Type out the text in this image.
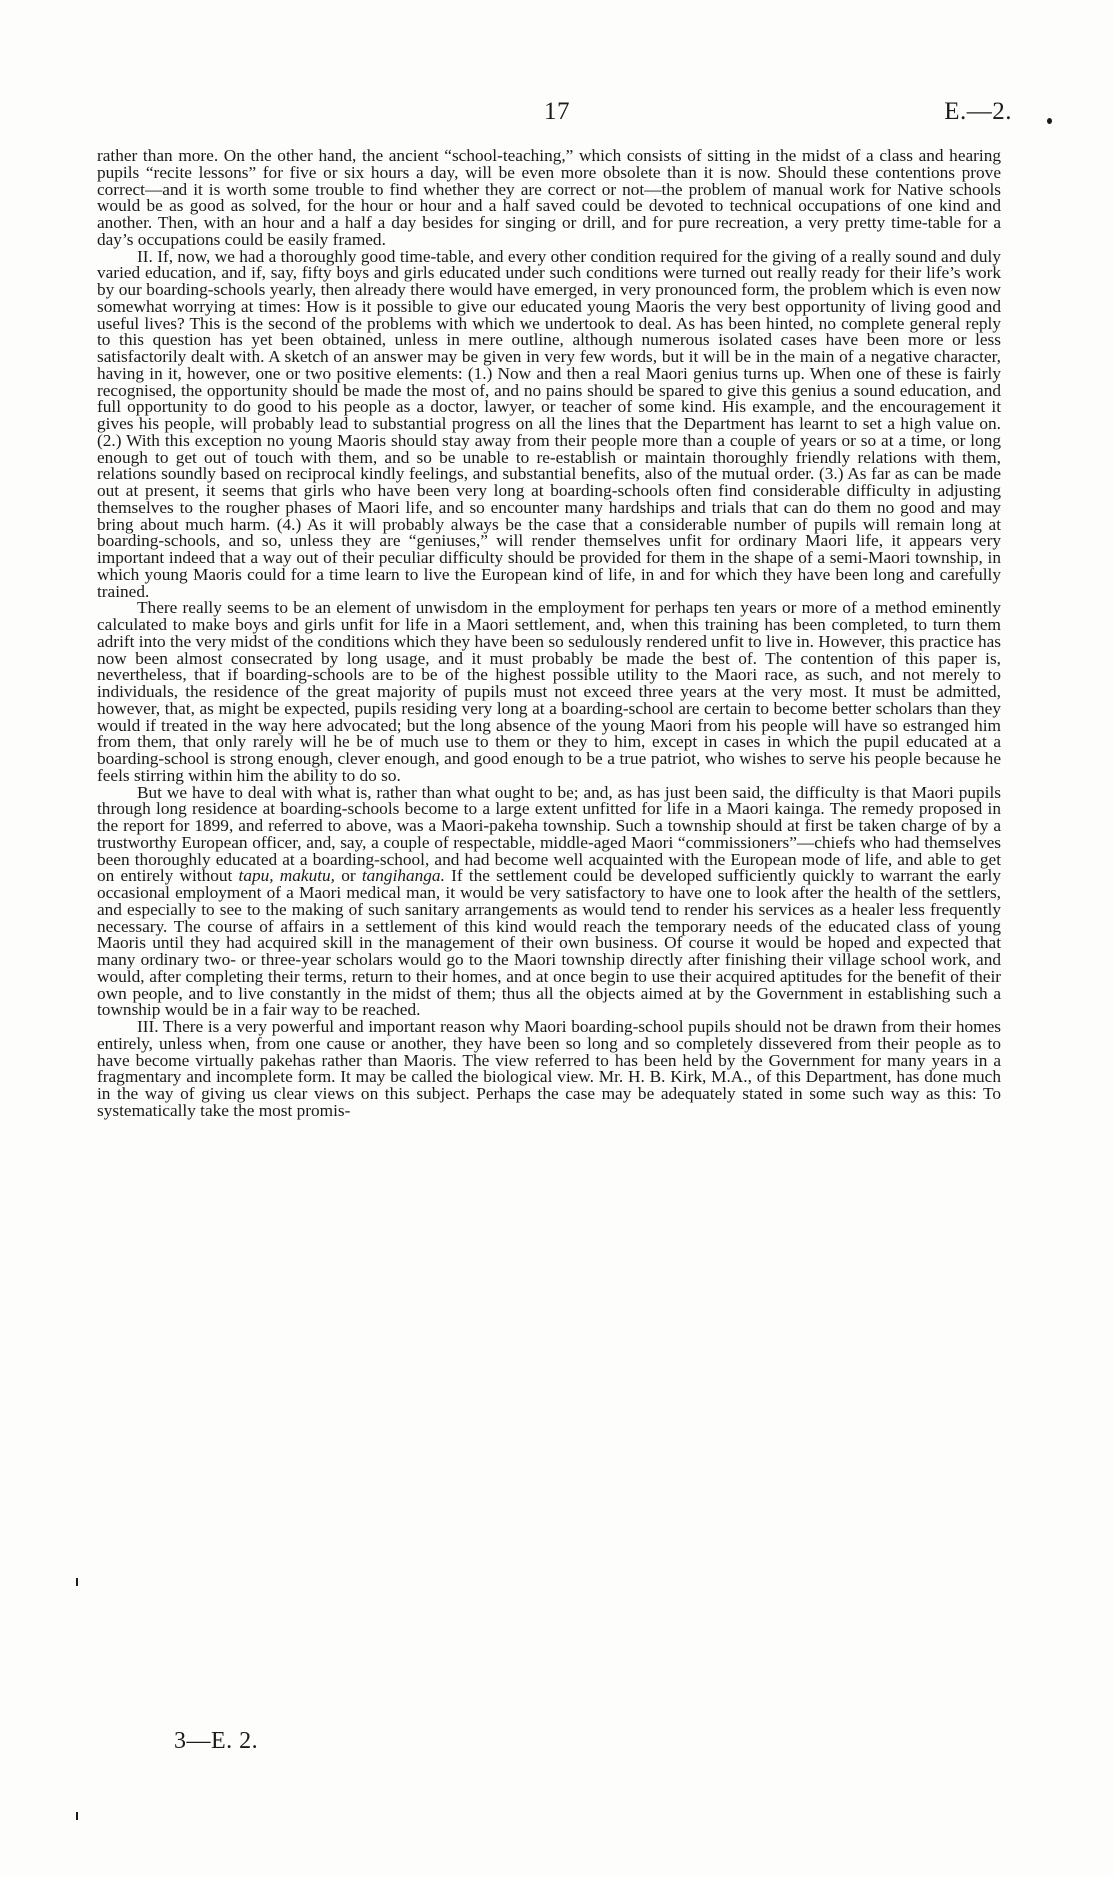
17	E.—2.

rather than more. On the other hand, the ancient “school-teaching,” which consists of sitting in the midst of a class and hearing pupils “recite lessons” for five or six hours a day, will be even more obsolete than it is now. Should these contentions prove correct—and it is worth some trouble to find whether they are correct or not—the problem of manual work for Native schools would be as good as solved, for the hour or hour and a half saved could be devoted to technical occupations of one kind and another. Then, with an hour and a half a day besides for singing or drill, and for pure recreation, a very pretty time-table for a day’s occupations could be easily framed.

II. If, now, we had a thoroughly good time-table, and every other condition required for the giving of a really sound and duly varied education, and if, say, fifty boys and girls educated under such conditions were turned out really ready for their life’s work by our boarding-schools yearly, then already there would have emerged, in very pronounced form, the problem which is even now somewhat worrying at times: How is it possible to give our educated young Maoris the very best opportunity of living good and useful lives? This is the second of the problems with which we undertook to deal. As has been hinted, no complete general reply to this question has yet been obtained, unless in mere outline, although numerous isolated cases have been more or less satisfactorily dealt with. A sketch of an answer may be given in very few words, but it will be in the main of a negative character, having in it, however, one or two positive elements: (1.) Now and then a real Maori genius turns up. When one of these is fairly recognised, the opportunity should be made the most of, and no pains should be spared to give this genius a sound education, and full opportunity to do good to his people as a doctor, lawyer, or teacher of some kind. His example, and the encouragement it gives his people, will probably lead to substantial progress on all the lines that the Department has learnt to set a high value on. (2.) With this exception no young Maoris should stay away from their people more than a couple of years or so at a time, or long enough to get out of touch with them, and so be unable to re-establish or maintain thoroughly friendly relations with them, relations soundly based on reciprocal kindly feelings, and substantial benefits, also of the mutual order. (3.) As far as can be made out at present, it seems that girls who have been very long at boarding-schools often find considerable difficulty in adjusting themselves to the rougher phases of Maori life, and so encounter many hardships and trials that can do them no good and may bring about much harm. (4.) As it will probably always be the case that a considerable number of pupils will remain long at boarding-schools, and so, unless they are “geniuses,” will render themselves unfit for ordinary Maori life, it appears very important indeed that a way out of their peculiar difficulty should be provided for them in the shape of a semi-Maori township, in which young Maoris could for a time learn to live the European kind of life, in and for which they have been long and carefully trained.

There really seems to be an element of unwisdom in the employment for perhaps ten years or more of a method eminently calculated to make boys and girls unfit for life in a Maori settlement, and, when this training has been completed, to turn them adrift into the very midst of the conditions which they have been so sedulously rendered unfit to live in. However, this practice has now been almost consecrated by long usage, and it must probably be made the best of. The contention of this paper is, nevertheless, that if boarding-schools are to be of the highest possible utility to the Maori race, as such, and not merely to individuals, the residence of the great majority of pupils must not exceed three years at the very most. It must be admitted, however, that, as might be expected, pupils residing very long at a boarding-school are certain to become better scholars than they would if treated in the way here advocated; but the long absence of the young Maori from his people will have so estranged him from them, that only rarely will he be of much use to them or they to him, except in cases in which the pupil educated at a boarding-school is strong enough, clever enough, and good enough to be a true patriot, who wishes to serve his people because he feels stirring within him the ability to do so.

But we have to deal with what is, rather than what ought to be; and, as has just been said, the difficulty is that Maori pupils through long residence at boarding-schools become to a large extent unfitted for life in a Maori kainga. The remedy proposed in the report for 1899, and referred to above, was a Maori-pakeha township. Such a township should at first be taken charge of by a trustworthy European officer, and, say, a couple of respectable, middle-aged Maori “commissioners”—chiefs who had themselves been thoroughly educated at a boarding-school, and had become well acquainted with the European mode of life, and able to get on entirely without tapu, makutu, or tangihanga. If the settlement could be developed sufficiently quickly to warrant the early occasional employment of a Maori medical man, it would be very satisfactory to have one to look after the health of the settlers, and especially to see to the making of such sanitary arrangements as would tend to render his services as a healer less frequently necessary. The course of affairs in a settlement of this kind would reach the temporary needs of the educated class of young Maoris until they had acquired skill in the management of their own business. Of course it would be hoped and expected that many ordinary two- or three-year scholars would go to the Maori township directly after finishing their village school work, and would, after completing their terms, return to their homes, and at once begin to use their acquired aptitudes for the benefit of their own people, and to live constantly in the midst of them; thus all the objects aimed at by the Government in establishing such a township would be in a fair way to be reached.

III. There is a very powerful and important reason why Maori boarding-school pupils should not be drawn from their homes entirely, unless when, from one cause or another, they have been so long and so completely dissevered from their people as to have become virtually pakehas rather than Maoris. The view referred to has been held by the Government for many years in a fragmentary and incomplete form. It may be called the biological view. Mr. H. B. Kirk, M.A., of this Department, has done much in the way of giving us clear views on this subject. Perhaps the case may be adequately stated in some such way as this: To systematically take the most promis-

3—E. 2.
